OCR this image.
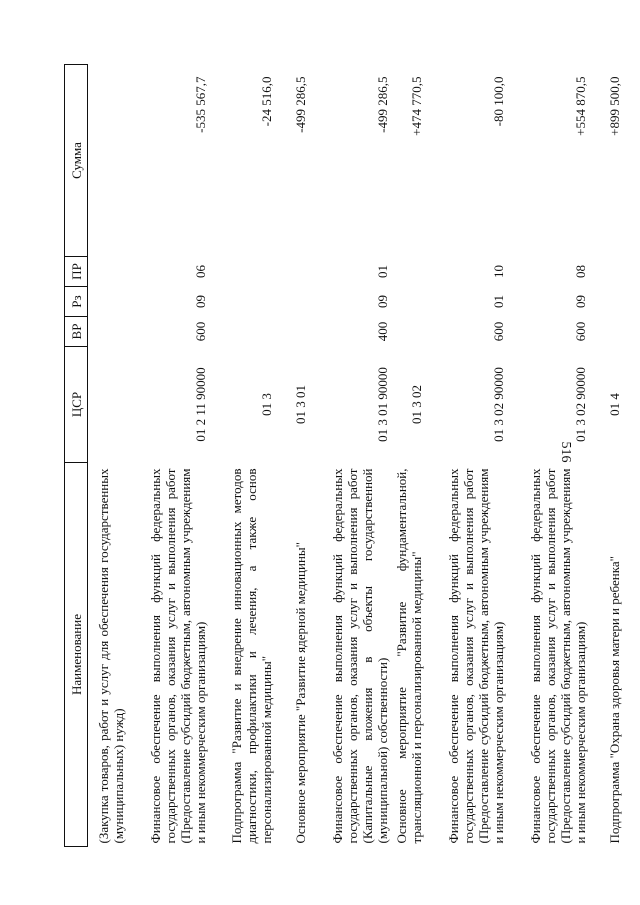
516
Наименование	ЦСР	ВР	Рз	ПР	Сумма
(Закупка товаров, работ и услуг для обеспечения государственных (муниципальных) нужд)					
Финансовое обеспечение выполнения функций федеральных государственных органов, оказания услуг и выполнения работ (Предоставление субсидий бюджетным, автономным учреждениям и иным некоммерческим организациям)	01 2 11 90000	600	09	06	-535 567,7
Подпрограмма "Развитие и внедрение инновационных методов диагностики, профилактики и лечения, а также основ персонализированной медицины"	01 3				-24 516,0
Основное мероприятие "Развитие ядерной медицины"	01 3 01				-499 286,5
Финансовое обеспечение выполнения функций федеральных государственных органов, оказания услуг и выполнения работ (Капитальные вложения в объекты государственной (муниципальной) собственности)	01 3 01 90000	400	09	01	-499 286,5
Основное мероприятие "Развитие фундаментальной, трансляционной и персонализированной медицины"	01 3 02				+474 770,5
Финансовое обеспечение выполнения функций федеральных государственных органов, оказания услуг и выполнения работ (Предоставление субсидий бюджетным, автономным учреждениям и иным некоммерческим организациям)	01 3 02 90000	600	01	10	-80 100,0
Финансовое обеспечение выполнения функций федеральных государственных органов, оказания услуг и выполнения работ (Предоставление субсидий бюджетным, автономным учреждениям и иным некоммерческим организациям)	01 3 02 90000	600	09	08	+554 870,5
Подпрограмма "Охрана здоровья матери и ребенка"	01 4				+899 500,0
